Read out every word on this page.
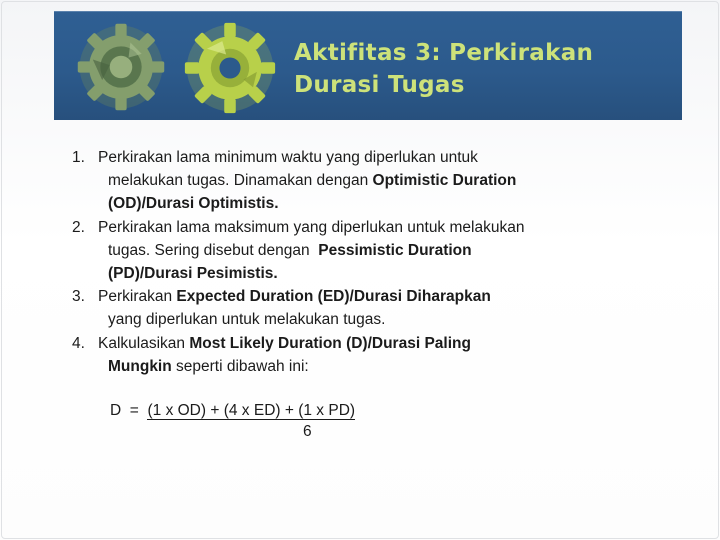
Aktifitas 3: Perkirakan
Durasi Tugas
1. Perkirakan lama minimum waktu yang diperlukan untuk
melakukan tugas. Dinamakan dengan Optimistic Duration
(OD)/Durasi Optimistis.
2. Perkirakan lama maksimum yang diperlukan untuk melakukan
tugas. Sering disebut dengan  Pessimistic Duration
(PD)/Durasi Pesimistis.
3. Perkirakan Expected Duration (ED)/Durasi Diharapkan
yang diperlukan untuk melakukan tugas.
4. Kalkulasikan Most Likely Duration (D)/Durasi Paling
Mungkin seperti dibawah ini:
D  =  (1 x OD) + (4 x ED) + (1 x PD)
6
